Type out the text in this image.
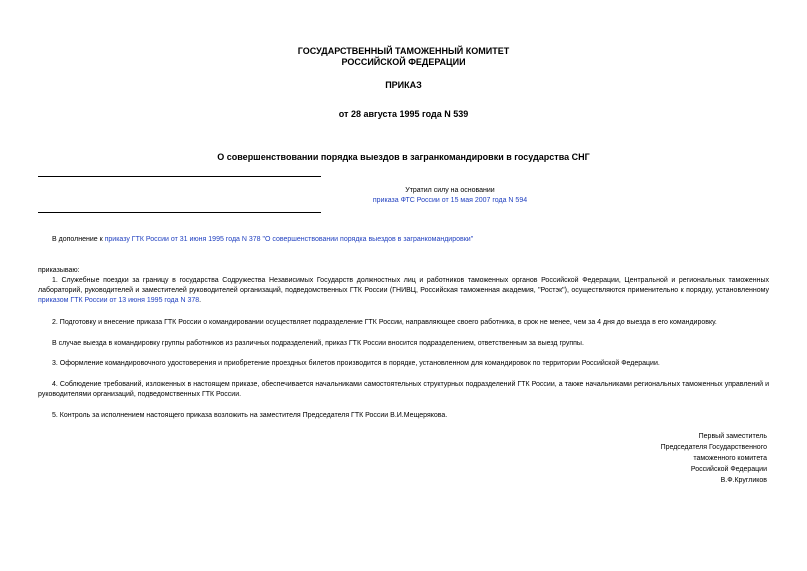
ГОСУДАРСТВЕННЫЙ ТАМОЖЕННЫЙ КОМИТЕТ
РОССИЙСКОЙ ФЕДЕРАЦИИ
ПРИКАЗ
от 28 августа 1995 года N 539
О совершенствовании порядка выездов в загранкомандировки в государства СНГ
Утратил силу на основании
приказа ФТС России от 15 мая 2007 года N 594
В дополнение к приказу ГТК России от 31 июня 1995 года N 378 "О совершенствовании порядка выездов в загранкомандировки"
приказываю:
1. Служебные поездки за границу в государства Содружества Независимых Государств должностных лиц и работников таможенных органов Российской Федерации, Центральной и региональных таможенных лабораторий, руководителей и заместителей руководителей организаций, подведомственных ГТК России (ГНИВЦ, Российская таможенная академия, "Ростэк"), осуществляются применительно к порядку, установленному приказом ГТК России от 13 июня 1995 года N 378.
2. Подготовку и внесение приказа ГТК России о командировании осуществляет подразделение ГТК России, направляющее своего работника, в срок не менее, чем за 4 дня до выезда в его командировку.
В случае выезда в командировку группы работников из различных подразделений, приказ ГТК России вносится подразделением, ответственным за выезд группы.
3. Оформление командировочного удостоверения и приобретение проездных билетов производится в порядке, установленном для командировок по территории Российской Федерации.
4. Соблюдение требований, изложенных в настоящем приказе, обеспечивается начальниками самостоятельных структурных подразделений ГТК России, а также начальниками региональных таможенных управлений и руководителями организаций, подведомственных ГТК России.
5. Контроль за исполнением настоящего приказа возложить на заместителя Председателя ГТК России В.И.Мещерякова.
Первый заместитель
Председателя Государственного
таможенного комитета
Российской Федерации
В.Ф.Кругликов
